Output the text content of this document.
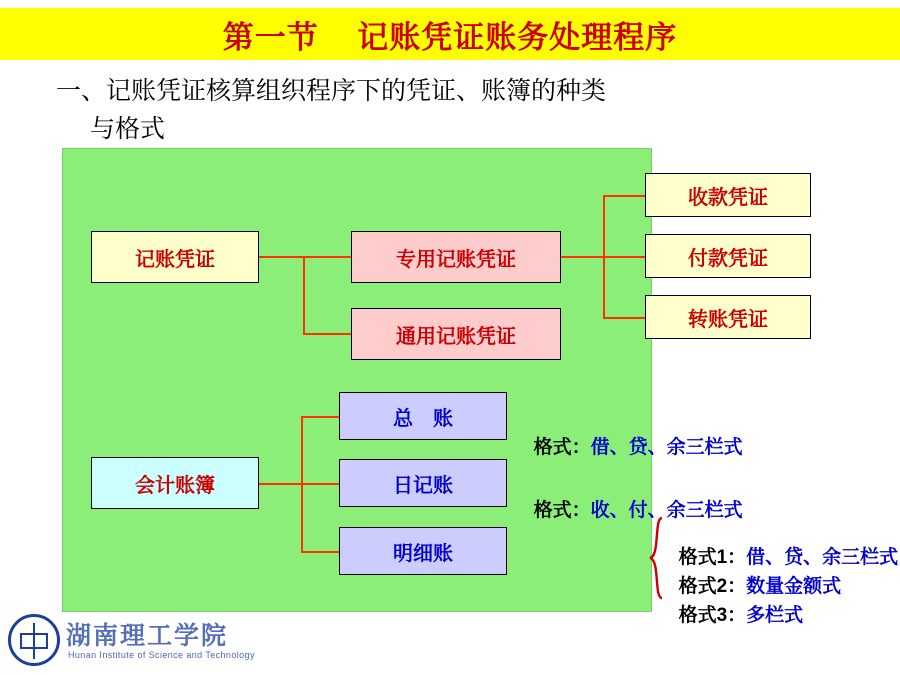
第一节    记账凭证账务处理程序
一、记账凭证核算组织程序下的凭证、账簿的种类
与格式
记账凭证	专用记账凭证
通用记账凭证
收款凭证
付款凭证
转账凭证
会计账簿
总　账
日记账
明细账

格式：借、贷、余三栏式

格式：收、付、余三栏式

格式1：借、贷、余三栏式

格式2：数量金额式

格式3：多栏式

湖南理工学院
Hunan Institute of Science and Technology
